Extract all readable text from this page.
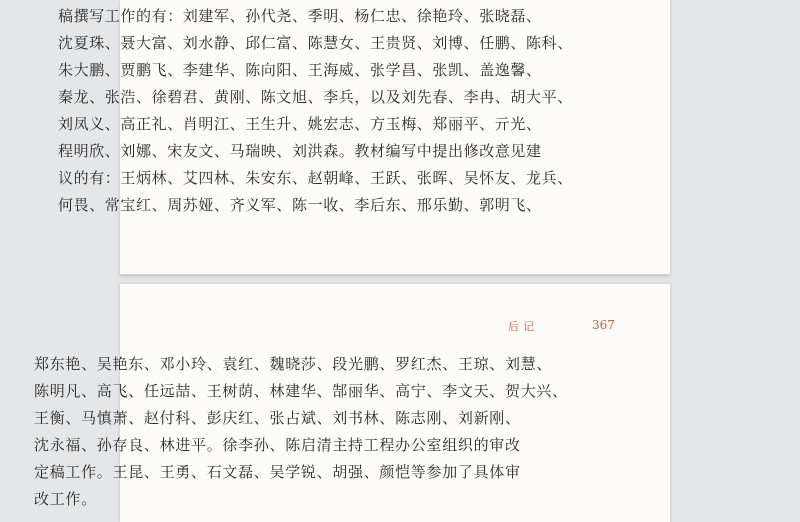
稿撰写工作的有：刘建军、孙代尧、季明、杨仁忠、徐艳玲、张晓磊、
沈夏珠、聂大富、刘水静、邱仁富、陈慧女、王贵贤、刘博、任鹏、陈科、
朱大鹏、贾鹏飞、李建华、陈向阳、王海威、张学昌、张凯、盖逸馨、
秦龙、张浩、徐碧君、黄刚、陈文旭、李兵，以及刘先春、李冉、胡大平、
刘凤义、高正礼、肖明江、王生升、姚宏志、方玉梅、郑丽平、亓光、
程明欣、刘娜、宋友文、马瑞映、刘洪森。教材编写中提出修改意见建
议的有：王炳林、艾四林、朱安东、赵朝峰、王跃、张晖、吴怀友、龙兵、
何畏、常宝红、周苏娅、齐义军、陈一收、李后东、邢乐勤、郭明飞、
后记	367
郑东艳、吴艳东、邓小玲、袁红、魏晓莎、段光鹏、罗红杰、王琼、刘慧、
陈明凡、高飞、任远喆、王树荫、林建华、郜丽华、高宁、李文天、贺大兴、
王衡、马慎萧、赵付科、彭庆红、张占斌、刘书林、陈志刚、刘新刚、
沈永福、孙存良、林进平。徐李孙、陈启清主持工程办公室组织的审改
定稿工作。王昆、王勇、石文磊、吴学锐、胡强、颜恺等参加了具体审
改工作。
